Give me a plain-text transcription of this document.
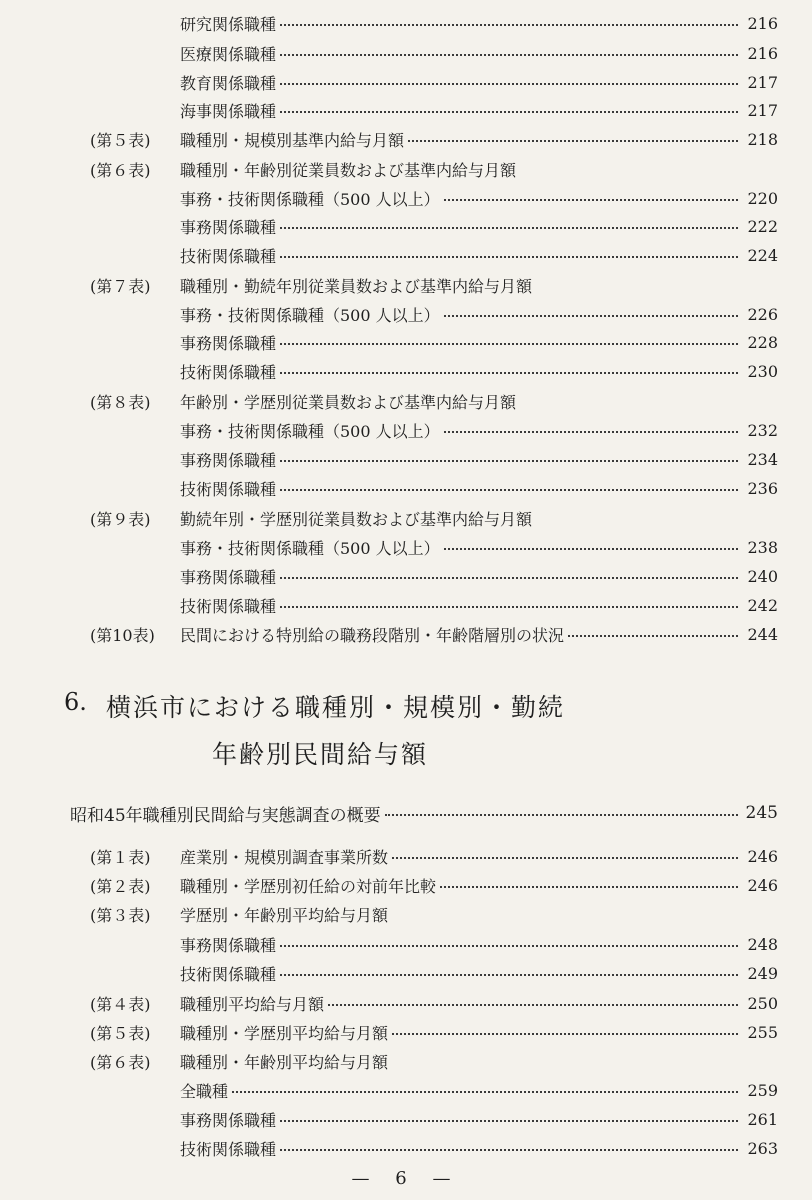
研究関係職種	216
医療関係職種	216
教育関係職種	217
海事関係職種	217
(第５表) 職種別・規模別基準内給与月額	218
(第６表) 職種別・年齢別従業員数および基準内給与月額
事務・技術関係職種（500 人以上）	220
事務関係職種	222
技術関係職種	224
(第７表) 職種別・勤続年別従業員数および基準内給与月額
事務・技術関係職種（500 人以上）	226
事務関係職種	228
技術関係職種	230
(第８表) 年齢別・学歴別従業員数および基準内給与月額
事務・技術関係職種（500 人以上）	232
事務関係職種	234
技術関係職種	236
(第９表) 勤続年別・学歴別従業員数および基準内給与月額
事務・技術関係職種（500 人以上）	238
事務関係職種	240
技術関係職種	242
(第10表) 民間における特別給の職務段階別・年齢階層別の状況	244
6. 横浜市における職種別・規模別・勤続
年齢別民間給与額
昭和45年職種別民間給与実態調査の概要	245
(第１表) 産業別・規模別調査事業所数	246
(第２表) 職種別・学歴別初任給の対前年比較	246
(第３表) 学歴別・年齢別平均給与月額
事務関係職種	248
技術関係職種	249
(第４表) 職種別平均給与月額	250
(第５表) 職種別・学歴別平均給与月額	255
(第６表) 職種別・年齢別平均給与月額
全職種	259
事務関係職種	261
技術関係職種	263
— 6 —
